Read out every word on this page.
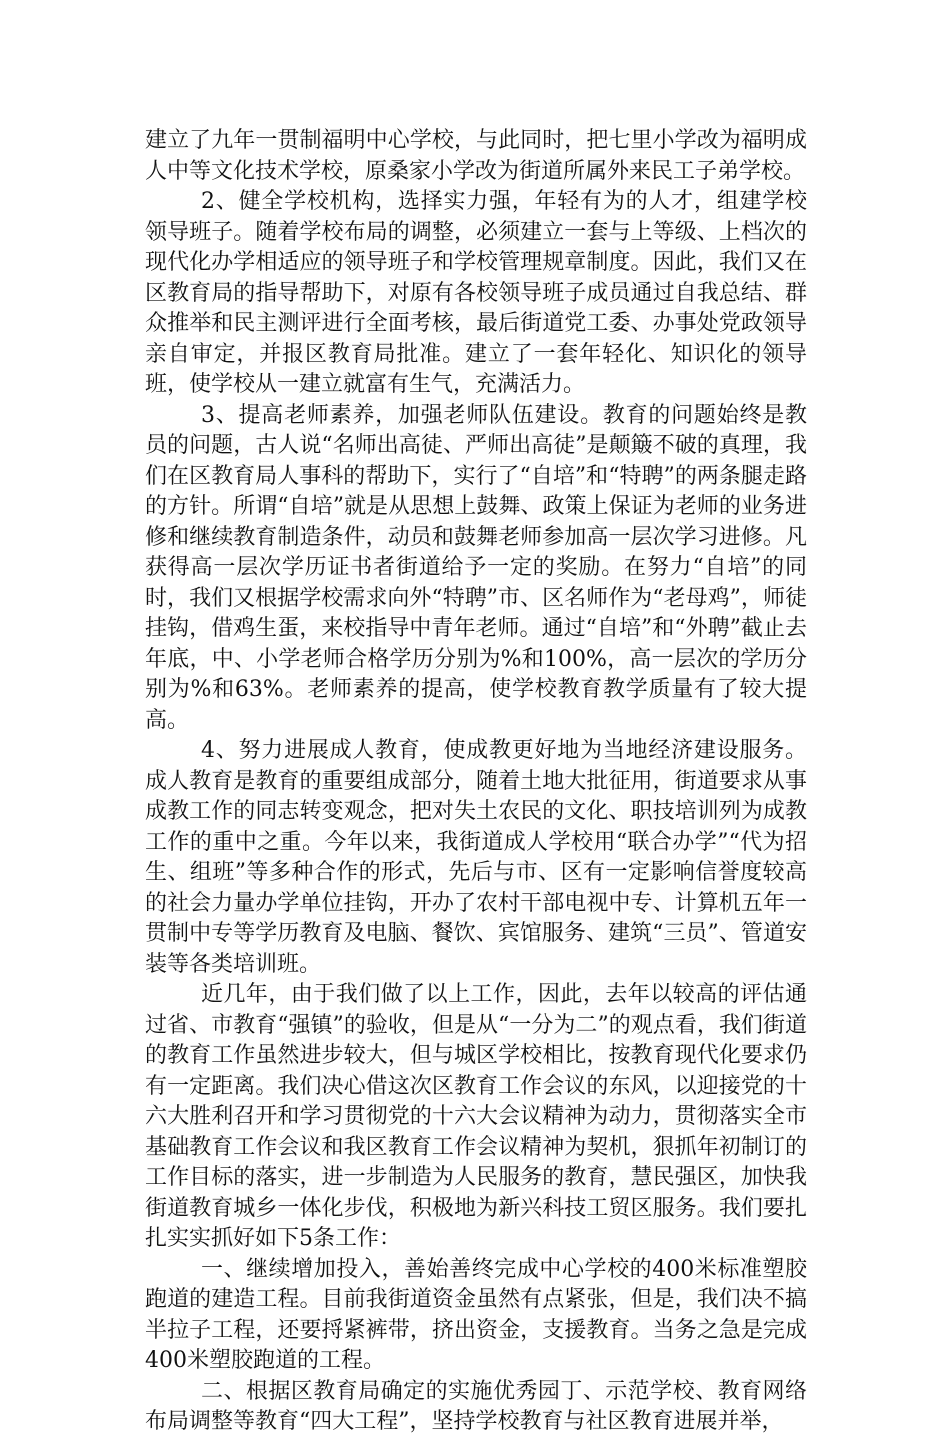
建立了九年一贯制福明中心学校，与此同时，把七里小学改为福明成人中等文化技术学校，原桑家小学改为街道所属外来民工子弟学校。

2、健全学校机构，选择实力强，年轻有为的人才，组建学校领导班子。随着学校布局的调整，必须建立一套与上等级、上档次的现代化办学相适应的领导班子和学校管理规章制度。因此，我们又在区教育局的指导帮助下，对原有各校领导班子成员通过自我总结、群众推举和民主测评进行全面考核，最后街道党工委、办事处党政领导亲自审定，并报区教育局批准。建立了一套年轻化、知识化的领导班，使学校从一建立就富有生气，充满活力。

3、提高老师素养，加强老师队伍建设。教育的问题始终是教员的问题，古人说“名师出高徒、严师出高徒”是颠簸不破的真理，我们在区教育局人事科的帮助下，实行了“自培”和“特聘”的两条腿走路的方针。所谓“自培”就是从思想上鼓舞、政策上保证为老师的业务进修和继续教育制造条件，动员和鼓舞老师参加高一层次学习进修。凡获得高一层次学历证书者街道给予一定的奖励。在努力“自培”的同时，我们又根据学校需求向外“特聘”市、区名师作为“老母鸡”，师徒挂钩，借鸡生蛋，来校指导中青年老师。通过“自培”和“外聘”截止去年底，中、小学老师合格学历分别为%和100%，高一层次的学历分别为%和63%。老师素养的提高，使学校教育教学质量有了较大提高。

4、努力进展成人教育，使成教更好地为当地经济建设服务。成人教育是教育的重要组成部分，随着土地大批征用，街道要求从事成教工作的同志转变观念，把对失土农民的文化、职技培训列为成教工作的重中之重。今年以来，我街道成人学校用“联合办学”“代为招生、组班”等多种合作的形式，先后与市、区有一定影响信誉度较高的社会力量办学单位挂钩，开办了农村干部电视中专、计算机五年一贯制中专等学历教育及电脑、餐饮、宾馆服务、建筑“三员”、管道安装等各类培训班。

近几年，由于我们做了以上工作，因此，去年以较高的评估通过省、市教育“强镇”的验收，但是从“一分为二”的观点看，我们街道的教育工作虽然进步较大，但与城区学校相比，按教育现代化要求仍有一定距离。我们决心借这次区教育工作会议的东风，以迎接党的十六大胜利召开和学习贯彻党的十六大会议精神为动力，贯彻落实全市基础教育工作会议和我区教育工作会议精神为契机，狠抓年初制订的工作目标的落实，进一步制造为人民服务的教育，慧民强区，加快我街道教育城乡一体化步伐，积极地为新兴科技工贸区服务。我们要扎扎实实抓好如下5条工作：

一、继续增加投入，善始善终完成中心学校的400米标准塑胶跑道的建造工程。目前我街道资金虽然有点紧张，但是，我们决不搞半拉子工程，还要捋紧裤带，挤出资金，支援教育。当务之急是完成400米塑胶跑道的工程。

二、根据区教育局确定的实施优秀园丁、示范学校、教育网络布局调整等教育“四大工程”，坚持学校教育与社区教育进展并举，
